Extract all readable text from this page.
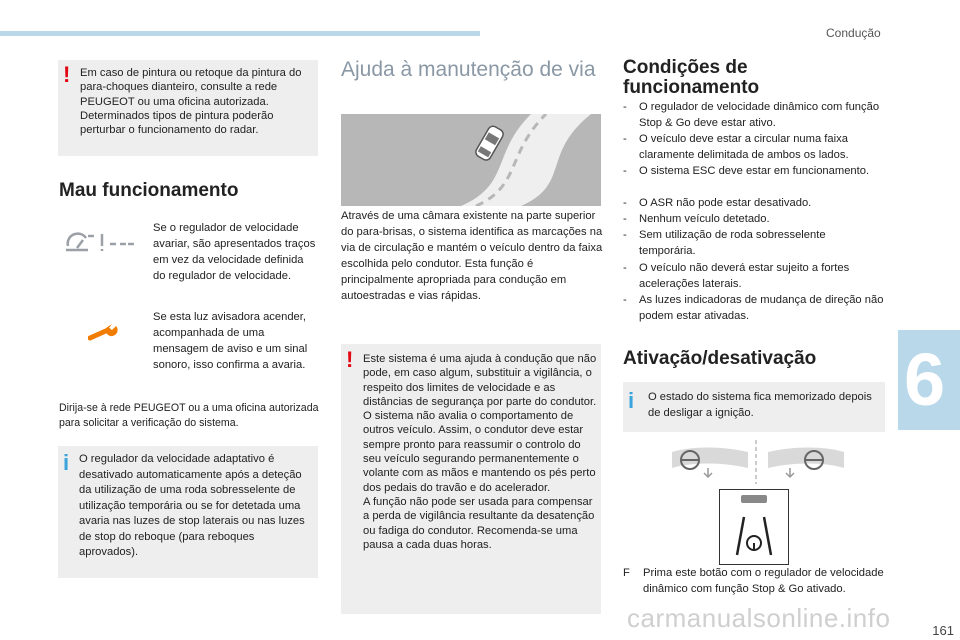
Condução
6
161
! Em caso de pintura ou retoque da pintura do para-choques dianteiro, consulte a rede PEUGEOT ou uma oficina autorizada. Determinados tipos de pintura poderão perturbar o funcionamento do radar.
Mau funcionamento
Se o regulador de velocidade avariar, são apresentados traços em vez da velocidade definida do regulador de velocidade.
Se esta luz avisadora acender, acompanhada de uma mensagem de aviso e um sinal sonoro, isso confirma a avaria.
Dirija-se à rede PEUGEOT ou a uma oficina autorizada para solicitar a verificação do sistema.
i O regulador da velocidade adaptativo é desativado automaticamente após a deteção da utilização de uma roda sobresselente de utilização temporária ou se for detetada uma avaria nas luzes de stop laterais ou nas luzes de stop do reboque (para reboques aprovados).
Ajuda à manutenção de via
Através de uma câmara existente na parte superior do para-brisas, o sistema identifica as marcações na via de circulação e mantém o veículo dentro da faixa escolhida pelo condutor. Esta função é principalmente apropriada para condução em autoestradas e vias rápidas.
! Este sistema é uma ajuda à condução que não pode, em caso algum, substituir a vigilância, o respeito dos limites de velocidade e as distâncias de segurança por parte do condutor.
O sistema não avalia o comportamento de outros veículo. Assim, o condutor deve estar sempre pronto para reassumir o controlo do seu veículo segurando permanentemente o volante com as mãos e mantendo os pés perto dos pedais do travão e do acelerador.
A função não pode ser usada para compensar a perda de vigilância resultante da desatenção ou fadiga do condutor. Recomenda-se uma pausa a cada duas horas.
Condições de funcionamento
-	O regulador de velocidade dinâmico com função Stop & Go deve estar ativo.
-	O veículo deve estar a circular numa faixa claramente delimitada de ambos os lados.
-	O sistema ESC deve estar em funcionamento.
-	O ASR não pode estar desativado.
-	Nenhum veículo detetado.
-	Sem utilização de roda sobresselente temporária.
-	O veículo não deverá estar sujeito a fortes acelerações laterais.
-	As luzes indicadoras de mudança de direção não podem estar ativadas.
Ativação/desativação
i O estado do sistema fica memorizado depois de desligar a ignição.
F	Prima este botão com o regulador de velocidade dinâmico com função Stop & Go ativado.
carmanualsonline.info
